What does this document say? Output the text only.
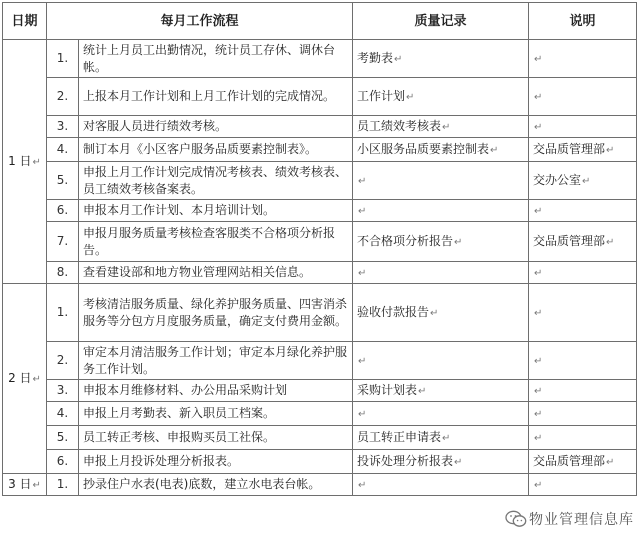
日期	每月工作流程		质量记录	说明
1 日↵	1.	统计上月员工出勤情况，统计员工存休、调休台帐。	考勤表↵	↵
	2.	上报本月工作计划和上月工作计划的完成情况。	工作计划↵	↵
	3.	对客服人员进行绩效考核。	员工绩效考核表↵	↵
	4.	制订本月《小区客户服务品质要素控制表》。	小区服务品质要素控制表↵	交品质管理部↵
	5.	申报上月工作计划完成情况考核表、绩效考核表、员工绩效考核备案表。	↵	交办公室↵
	6.	申报本月工作计划、本月培训计划。	↵	↵
	7.	申报月服务质量考核检查客服类不合格项分析报告。	不合格项分析报告↵	交品质管理部↵
	8.	查看建设部和地方物业管理网站相关信息。	↵	↵
2 日↵	1.	考核清洁服务质量、绿化养护服务质量、四害消杀服务等分包方月度服务质量，确定支付费用金额。	验收付款报告↵	↵
	2.	审定本月清洁服务工作计划；审定本月绿化养护服务工作计划。	↵	↵
	3.	申报本月维修材料、办公用品采购计划	采购计划表↵	↵
	4.	申报上月考勤表、新入职员工档案。	↵	↵
	5.	员工转正考核、申报购买员工社保。	员工转正申请表↵	↵
	6.	申报上月投诉处理分析报表。	投诉处理分析报表↵	交品质管理部↵
3 日↵	1.	抄录住户水表(电表)底数，建立水电表台帐。	↵	↵
物业管理信息库
